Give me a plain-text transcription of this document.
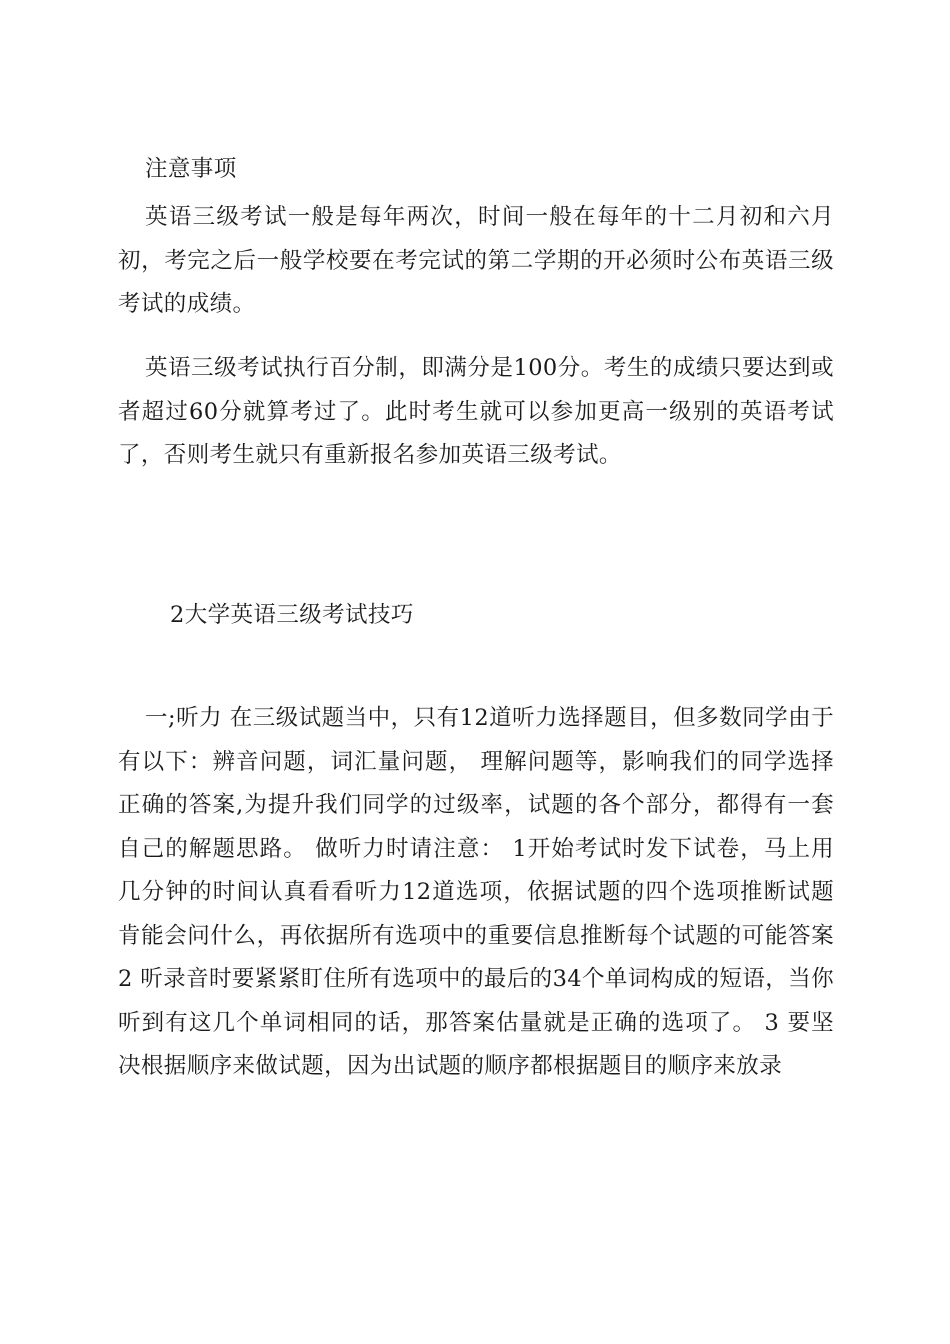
注意事项

英语三级考试一般是每年两次，时间一般在每年的十二月初和六月初，考完之后一般学校要在考完试的第二学期的开必须时公布英语三级考试的成绩。

英语三级考试执行百分制，即满分是100分。考生的成绩只要达到或者超过60分就算考过了。此时考生就可以参加更高一级别的英语考试了，否则考生就只有重新报名参加英语三级考试。

2大学英语三级考试技巧

一;听力 在三级试题当中，只有12道听力选择题目，但多数同学由于有以下：辨音问题，词汇量问题， 理解问题等，影响我们的同学选择正确的答案,为提升我们同学的过级率，试题的各个部分，都得有一套自己的解题思路。 做听力时请注意： 1开始考试时发下试卷，马上用几分钟的时间认真看看听力12道选项，依据试题的四个选项推断试题肯能会问什么，再依据所有选项中的重要信息推断每个试题的可能答案 2 听录音时要紧紧盯住所有选项中的最后的34个单词构成的短语，当你听到有这几个单词相同的话，那答案估量就是正确的选项了。 3 要坚决根据顺序来做试题，因为出试题的顺序都根据题目的顺序来放录
